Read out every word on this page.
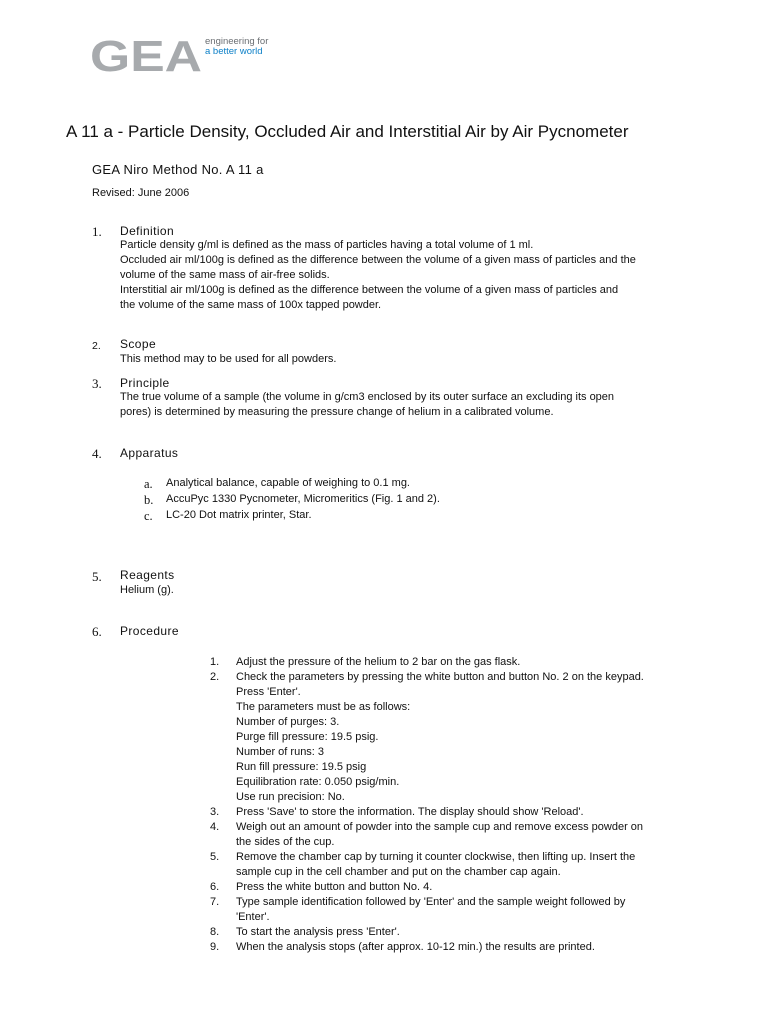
GEA engineering for
a better world
A 11 a - Particle Density, Occluded Air and Interstitial Air by Air Pycnometer
GEA Niro Method No. A 11 a
Revised: June 2006
1. Definition
Particle density g/ml is defined as the mass of particles having a total volume of 1 ml.
Occluded air ml/100g is defined as the difference between the volume of a given mass of particles and the
volume of the same mass of air-free solids.
Interstitial air ml/100g is defined as the difference between the volume of a given mass of particles and
the volume of the same mass of 100x tapped powder.
2. Scope
This method may to be used for all powders.
3. Principle
The true volume of a sample (the volume in g/cm3 enclosed by its outer surface an excluding its open
pores) is determined by measuring the pressure change of helium in a calibrated volume.
4. Apparatus
a.	Analytical balance, capable of weighing to 0.1 mg.
b.	AccuPyc 1330 Pycnometer, Micromeritics (Fig. 1 and 2).
c.	LC-20 Dot matrix printer, Star.
5. Reagents
Helium (g).
6. Procedure
1.	Adjust the pressure of the helium to 2 bar on the gas flask.
2.	Check the parameters by pressing the white button and button No. 2 on the keypad.
Press 'Enter'.
The parameters must be as follows:
Number of purges: 3.
Purge fill pressure: 19.5 psig.
Number of runs: 3
Run fill pressure: 19.5 psig
Equilibration rate: 0.050 psig/min.
Use run precision: No.
3.	Press 'Save' to store the information. The display should show 'Reload'.
4.	Weigh out an amount of powder into the sample cup and remove excess powder on
the sides of the cup.
5.	Remove the chamber cap by turning it counter clockwise, then lifting up. Insert the
sample cup in the cell chamber and put on the chamber cap again.
6.	Press the white button and button No. 4.
7.	Type sample identification followed by 'Enter' and the sample weight followed by
'Enter'.
8.	To start the analysis press 'Enter'.
9.	When the analysis stops (after approx. 10-12 min.) the results are printed.
